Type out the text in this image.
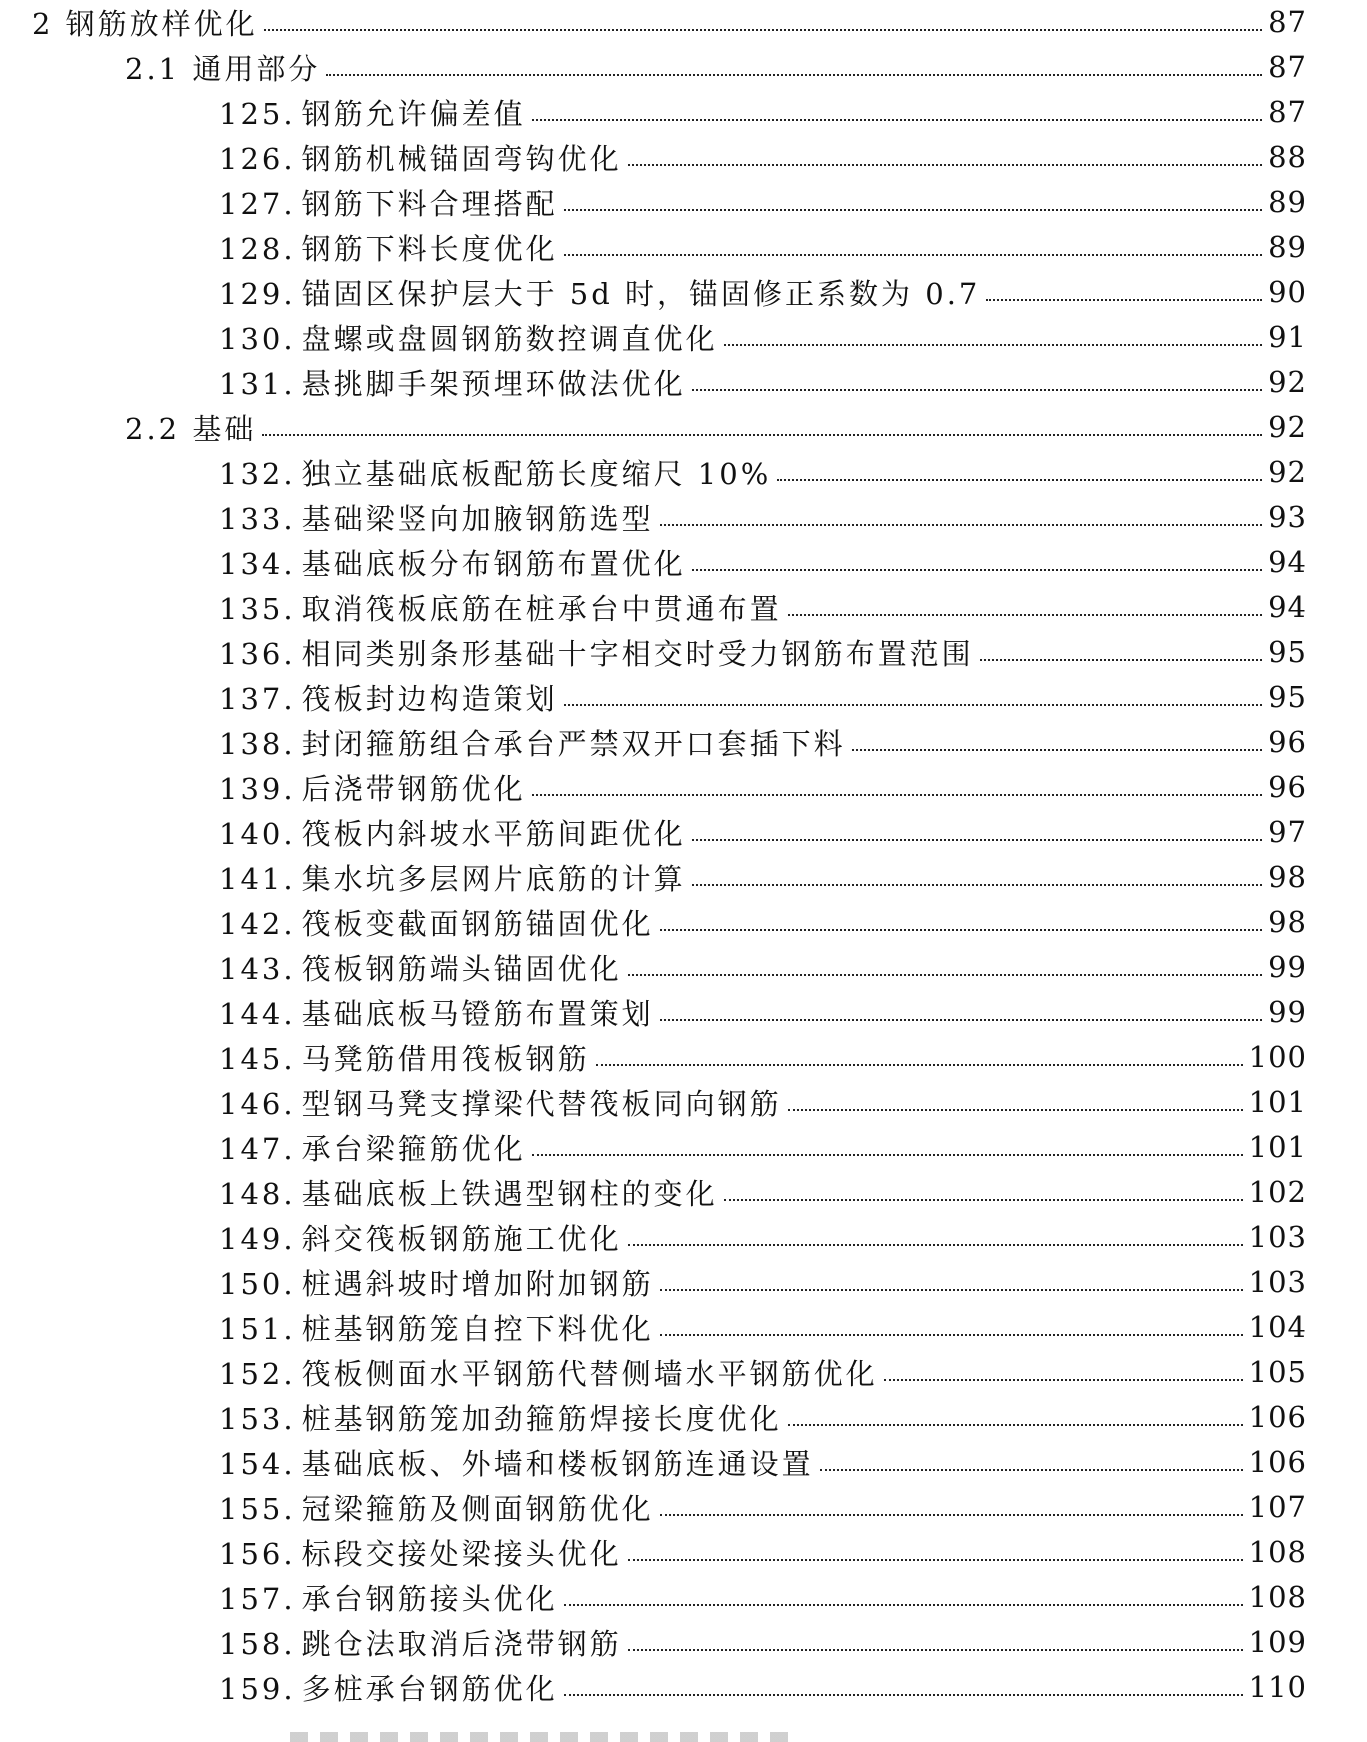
2 钢筋放样优化	87
2.1 通用部分	87
125. 钢筋允许偏差值	87
126. 钢筋机械锚固弯钩优化	88
127. 钢筋下料合理搭配	89
128. 钢筋下料长度优化	89
129. 锚固区保护层大于 5d 时，锚固修正系数为 0.7	90
130. 盘螺或盘圆钢筋数控调直优化	91
131. 悬挑脚手架预埋环做法优化	92
2.2 基础	92
132. 独立基础底板配筋长度缩尺 10%	92
133. 基础梁竖向加腋钢筋选型	93
134. 基础底板分布钢筋布置优化	94
135. 取消筏板底筋在桩承台中贯通布置	94
136. 相同类别条形基础十字相交时受力钢筋布置范围	95
137. 筏板封边构造策划	95
138. 封闭箍筋组合承台严禁双开口套插下料	96
139. 后浇带钢筋优化	96
140. 筏板内斜坡水平筋间距优化	97
141. 集水坑多层网片底筋的计算	98
142. 筏板变截面钢筋锚固优化	98
143. 筏板钢筋端头锚固优化	99
144. 基础底板马镫筋布置策划	99
145. 马凳筋借用筏板钢筋	100
146. 型钢马凳支撑梁代替筏板同向钢筋	101
147. 承台梁箍筋优化	101
148. 基础底板上铁遇型钢柱的变化	102
149. 斜交筏板钢筋施工优化	103
150. 桩遇斜坡时增加附加钢筋	103
151. 桩基钢筋笼自控下料优化	104
152. 筏板侧面水平钢筋代替侧墙水平钢筋优化	105
153. 桩基钢筋笼加劲箍筋焊接长度优化	106
154. 基础底板、外墙和楼板钢筋连通设置	106
155. 冠梁箍筋及侧面钢筋优化	107
156. 标段交接处梁接头优化	108
157. 承台钢筋接头优化	108
158. 跳仓法取消后浇带钢筋	109
159. 多桩承台钢筋优化	110
